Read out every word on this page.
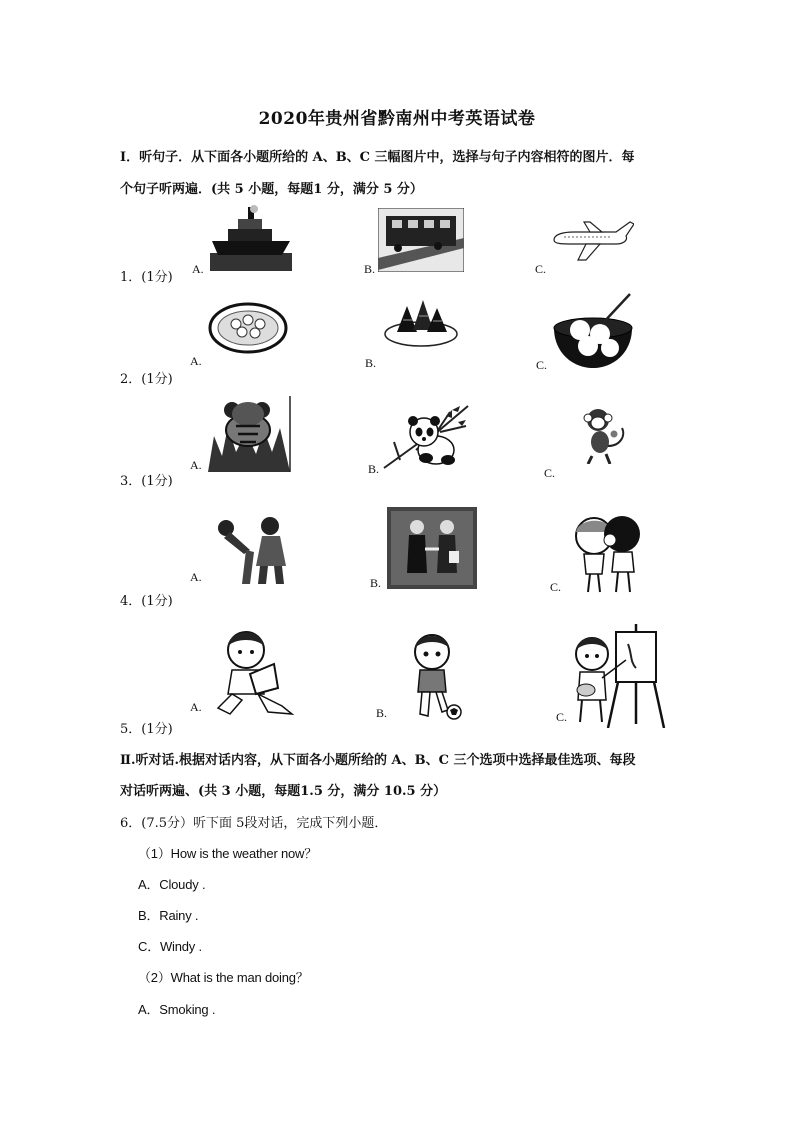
2020年贵州省黔南州中考英语试卷
Ⅰ．听句子．从下面各小题所给的 A、B、C 三幅图片中，选择与句子内容相符的图片．每
个句子听两遍．(共 5 小题，每题1 分，满分 5 分）
1．(1分)
A.	B.	C.
2．(1分)
A.	B.	C.
3．(1分)
A.	B.	C.
4．(1分)
A.	B.	C.
5．(1分)
A.	B.	C.
Ⅱ.听对话.根据对话内容，从下面各小题所给的 A、B、C 三个选项中选择最佳选项、每段
对话听两遍、(共 3 小题，每题1.5 分，满分 10.5 分）
6．(7.5分）听下面 5段对话，完成下列小题．
（1）How is the weather now？
A．Cloudy .
B．Rainy .
C．Windy .
（2）What is the man doing？
A．Smoking .
